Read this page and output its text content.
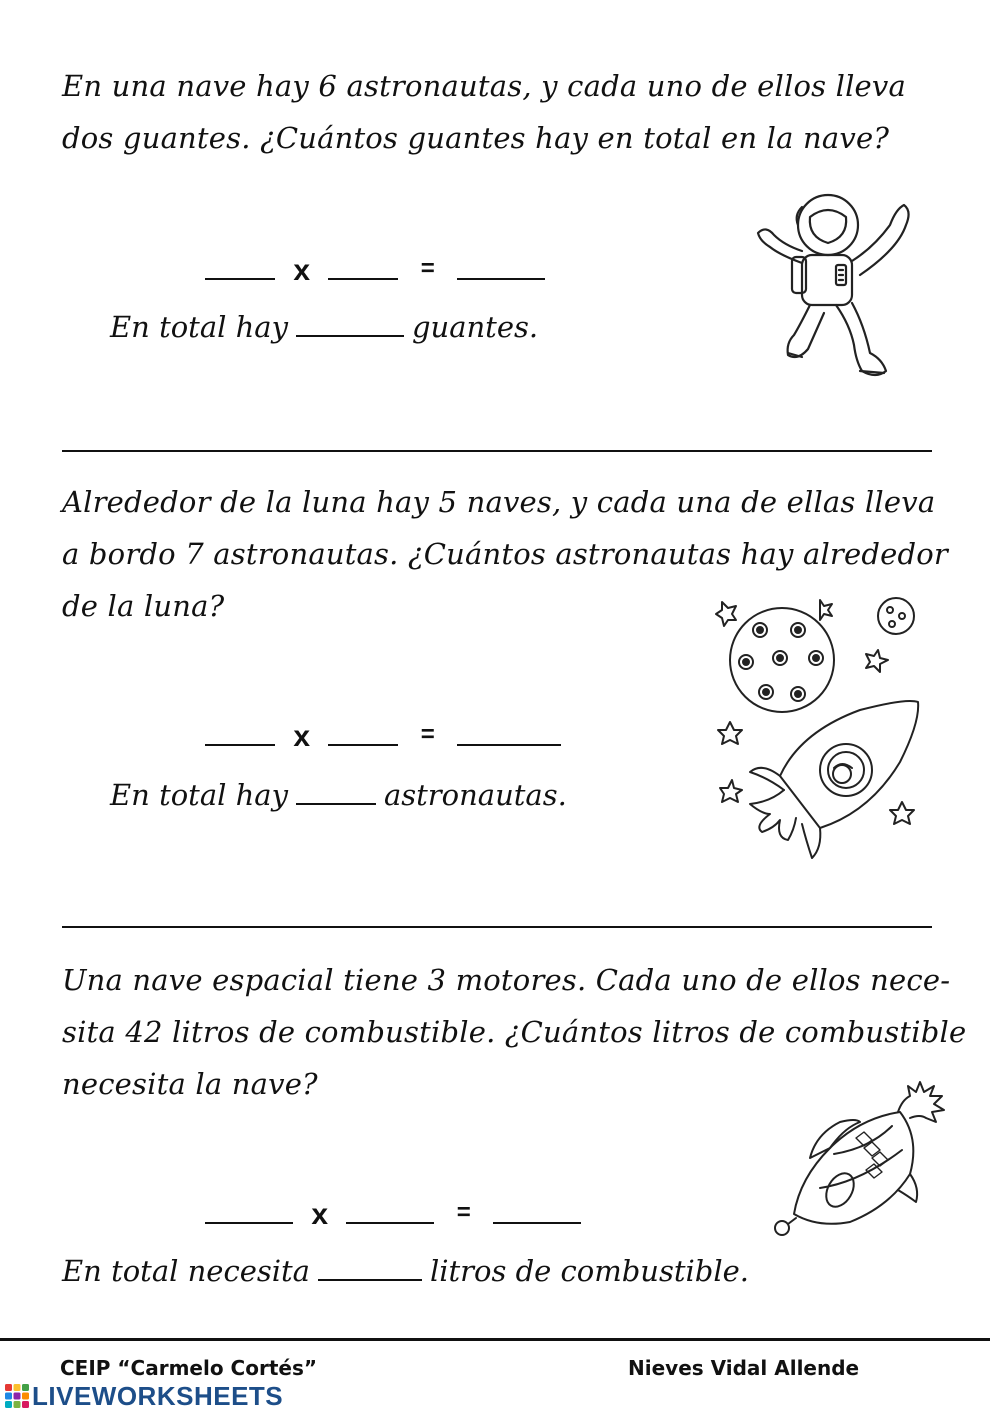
En una nave hay 6 astronautas, y cada uno de ellos lleva
dos guantes. ¿Cuántos guantes hay en total en la nave?
x	=
En total hay	guantes.
Alrededor de la luna hay 5 naves, y cada una de ellas lleva
a bordo 7 astronautas. ¿Cuántos astronautas hay alrededor
de la luna?
x	=
En total hay	astronautas.
Una nave espacial tiene 3 motores. Cada uno de ellos nece-
sita 42 litros de combustible. ¿Cuántos litros de combustible
necesita la nave?
x	=
En total necesita	litros de combustible.
CEIP “Carmelo Cortés”	Nieves Vidal Allende
LIVEWORKSHEETS
